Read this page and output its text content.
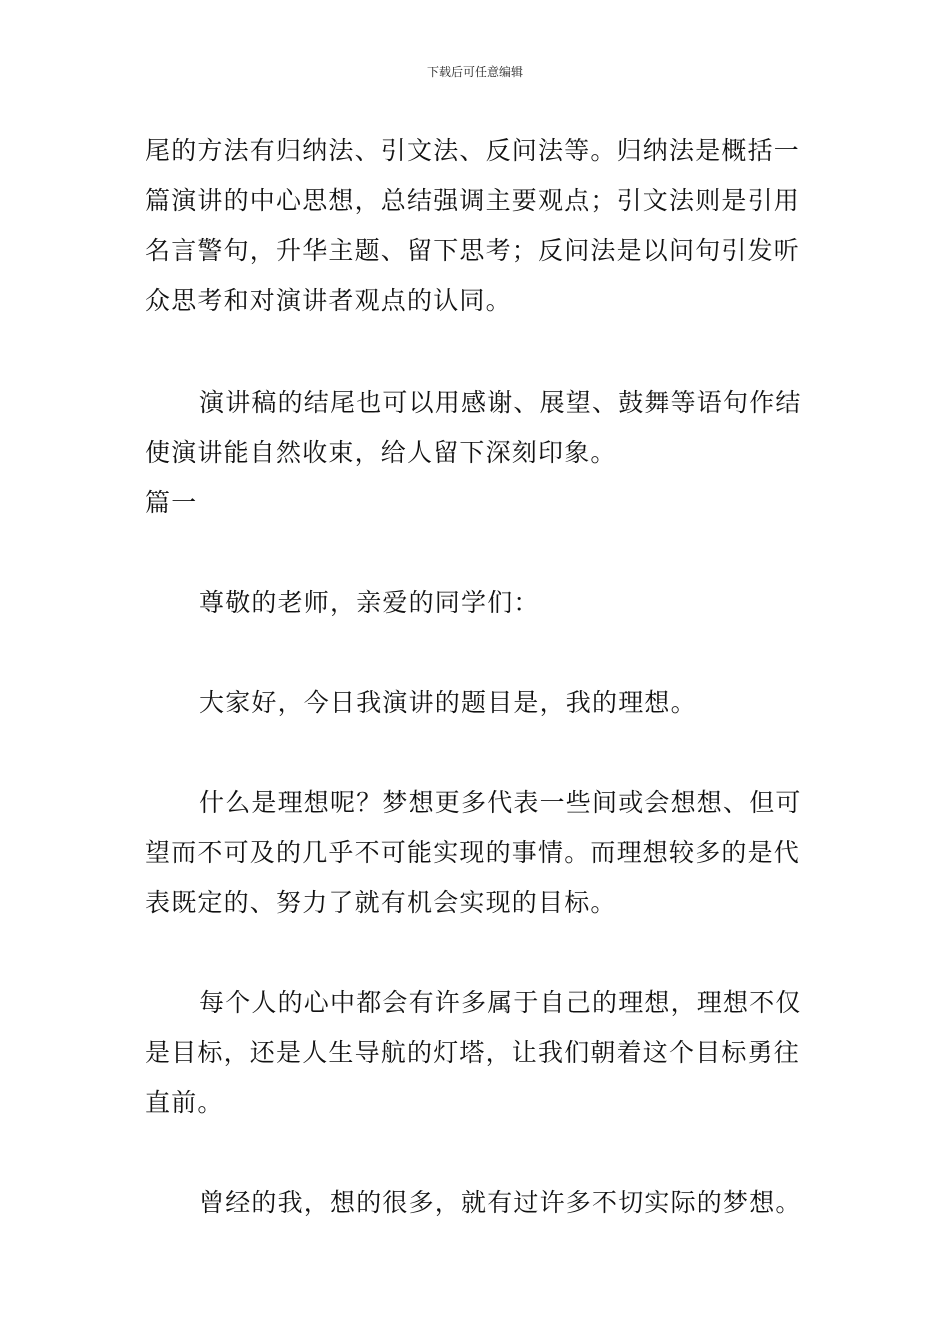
下载后可任意编辑
尾的方法有归纳法、引文法、反问法等。归纳法是概括一
篇演讲的中心思想，总结强调主要观点；引文法则是引用
名言警句，升华主题、留下思考；反问法是以问句引发听
众思考和对演讲者观点的认同。
演讲稿的结尾也可以用感谢、展望、鼓舞等语句作结
使演讲能自然收束，给人留下深刻印象。
篇一
尊敬的老师，亲爱的同学们：
大家好，今日我演讲的题目是，我的理想。
什么是理想呢？梦想更多代表一些间或会想想、但可
望而不可及的几乎不可能实现的事情。而理想较多的是代
表既定的、努力了就有机会实现的目标。
每个人的心中都会有许多属于自己的理想，理想不仅
是目标，还是人生导航的灯塔，让我们朝着这个目标勇往
直前。
曾经的我，想的很多，就有过许多不切实际的梦想。
